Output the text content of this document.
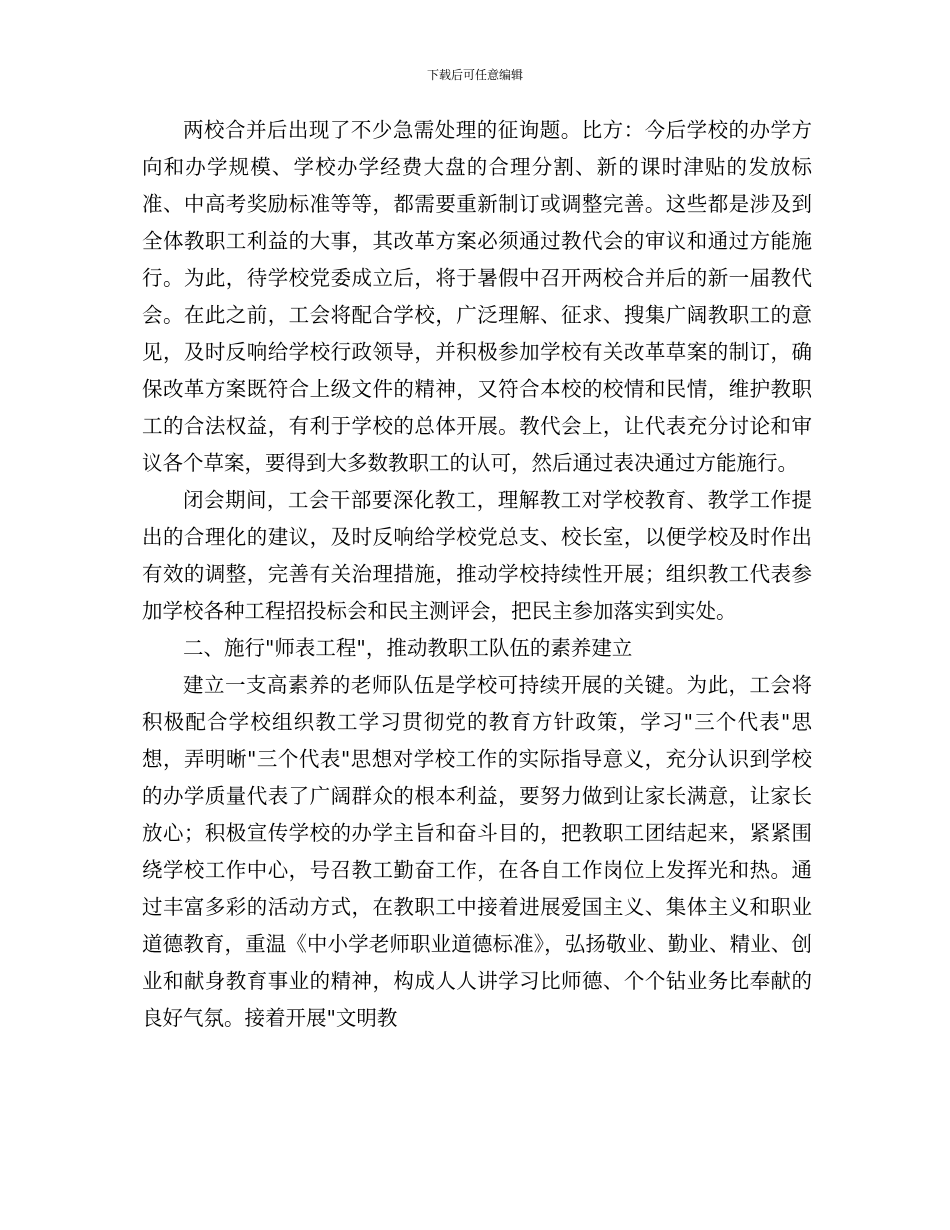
下载后可任意编辑

两校合并后出现了不少急需处理的征询题。比方：今后学校的办学方向和办学规模、学校办学经费大盘的合理分割、新的课时津贴的发放标准、中高考奖励标准等等，都需要重新制订或调整完善。这些都是涉及到全体教职工利益的大事，其改革方案必须通过教代会的审议和通过方能施行。为此，待学校党委成立后，将于暑假中召开两校合并后的新一届教代会。在此之前，工会将配合学校，广泛理解、征求、搜集广阔教职工的意见，及时反响给学校行政领导，并积极参加学校有关改革草案的制订，确保改革方案既符合上级文件的精神，又符合本校的校情和民情，维护教职工的合法权益，有利于学校的总体开展。教代会上，让代表充分讨论和审议各个草案，要得到大多数教职工的认可，然后通过表决通过方能施行。

闭会期间，工会干部要深化教工，理解教工对学校教育、教学工作提出的合理化的建议，及时反响给学校党总支、校长室，以便学校及时作出有效的调整，完善有关治理措施，推动学校持续性开展；组织教工代表参加学校各种工程招投标会和民主测评会，把民主参加落实到实处。

二、施行"师表工程"，推动教职工队伍的素养建立

建立一支高素养的老师队伍是学校可持续开展的关键。为此，工会将积极配合学校组织教工学习贯彻党的教育方针政策，学习"三个代表"思想，弄明晰"三个代表"思想对学校工作的实际指导意义，充分认识到学校的办学质量代表了广阔群众的根本利益，要努力做到让家长满意，让家长放心；积极宣传学校的办学主旨和奋斗目的，把教职工团结起来，紧紧围绕学校工作中心，号召教工勤奋工作，在各自工作岗位上发挥光和热。通过丰富多彩的活动方式，在教职工中接着进展爱国主义、集体主义和职业道德教育，重温《中小学老师职业道德标准》，弘扬敬业、勤业、精业、创业和献身教育事业的精神，构成人人讲学习比师德、个个钻业务比奉献的良好气氛。接着开展"文明教
